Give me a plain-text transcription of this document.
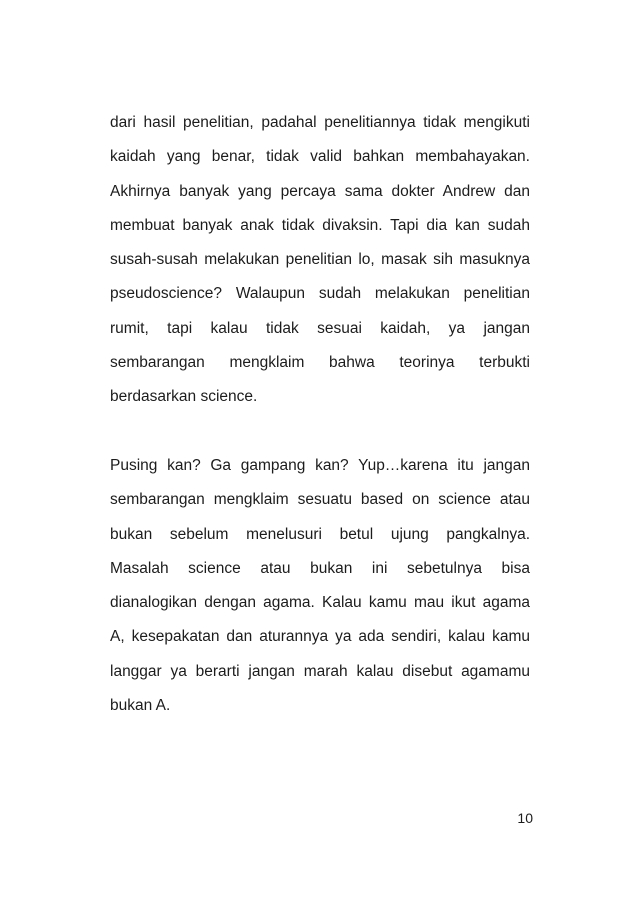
dari hasil penelitian, padahal penelitiannya tidak mengikuti
kaidah yang benar, tidak valid bahkan membahayakan.
Akhirnya banyak yang percaya sama dokter Andrew dan
membuat banyak anak tidak divaksin. Tapi dia kan sudah
susah-susah melakukan penelitian lo, masak sih masuknya
pseudoscience? Walaupun sudah melakukan penelitian
rumit, tapi kalau tidak sesuai kaidah, ya jangan
sembarangan mengklaim bahwa teorinya terbukti
berdasarkan science.
Pusing kan? Ga gampang kan? Yup…karena itu jangan
sembarangan mengklaim sesuatu based on science atau
bukan sebelum menelusuri betul ujung pangkalnya.
Masalah science atau bukan ini sebetulnya bisa
dianalogikan dengan agama. Kalau kamu mau ikut agama
A, kesepakatan dan aturannya ya ada sendiri, kalau kamu
langgar ya berarti jangan marah kalau disebut agamamu
bukan A.
10
